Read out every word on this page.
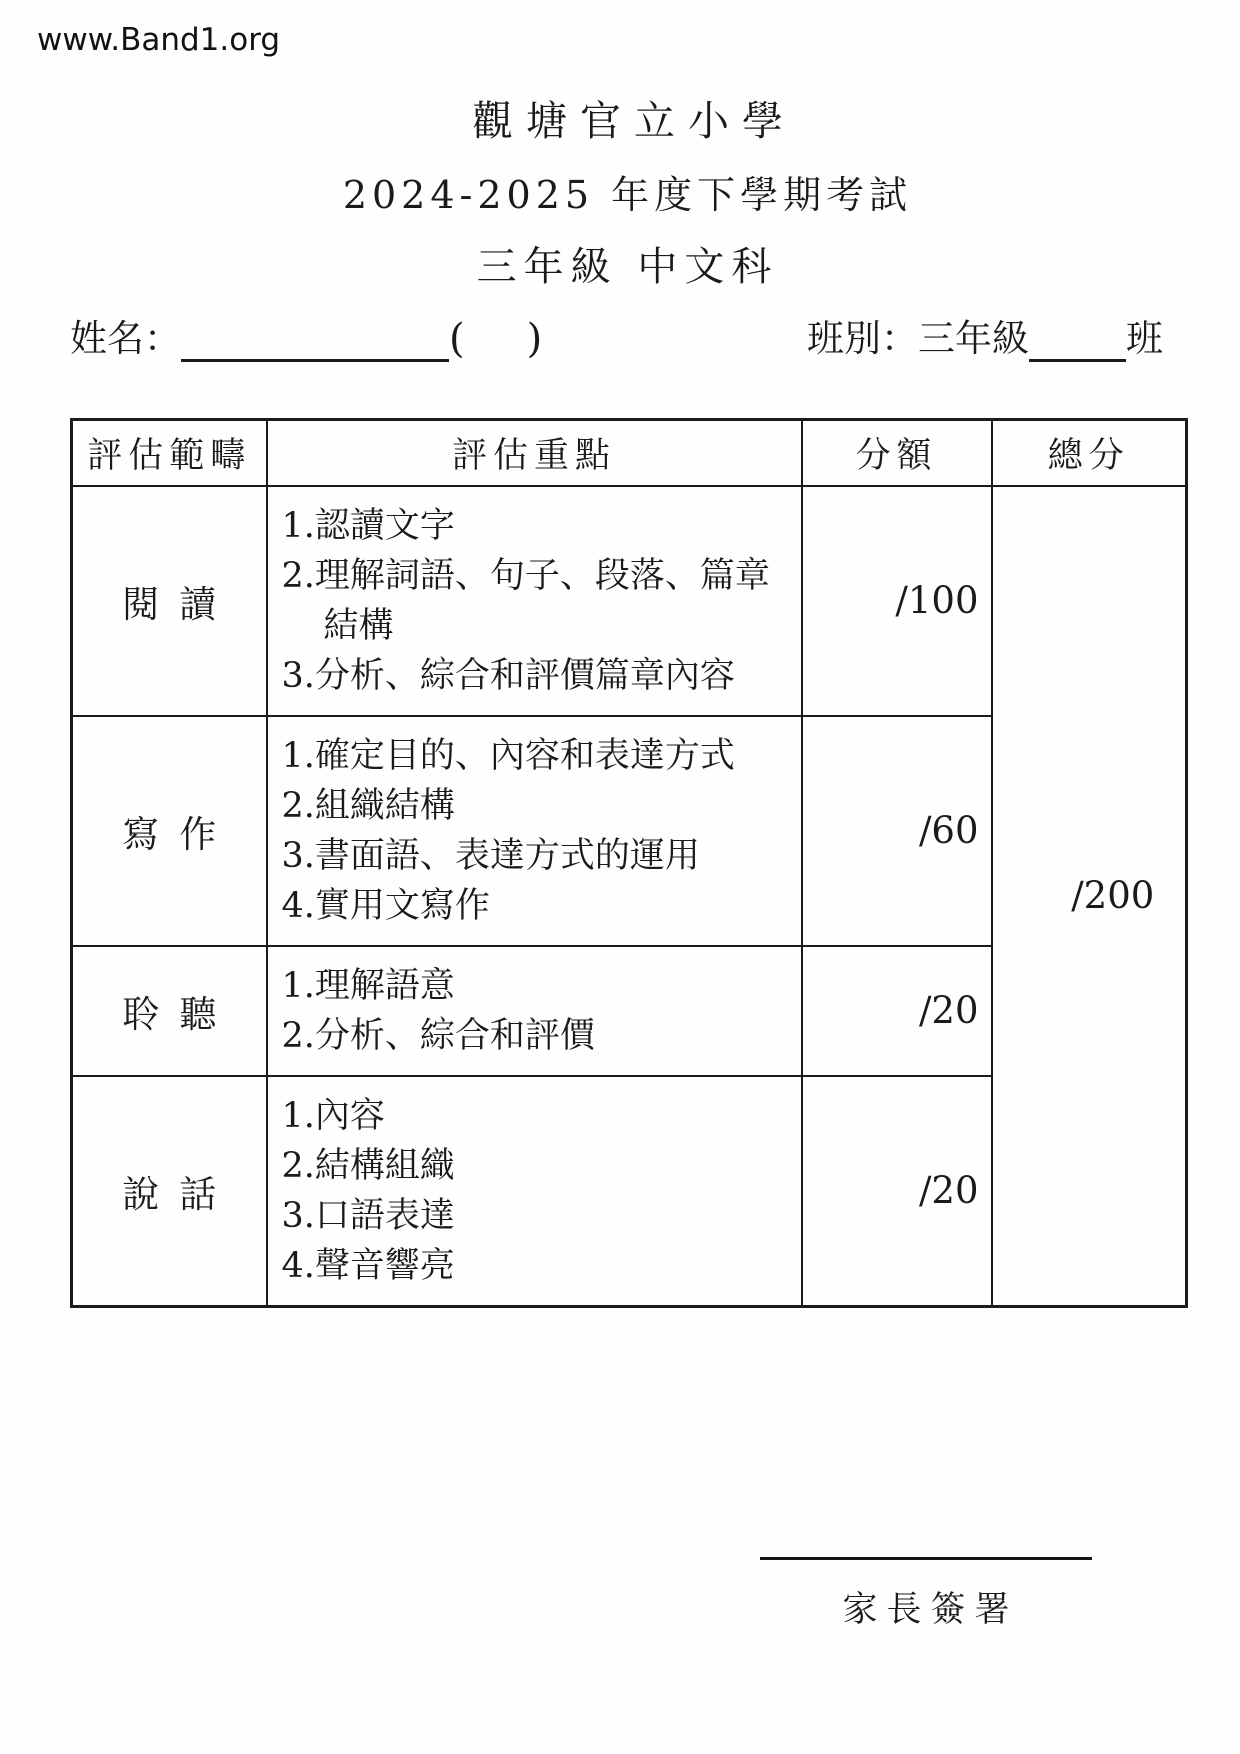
www.Band1.org
觀塘官立小學
2024-2025 年度下學期考試
三年級 中文科
姓名：	( )	班別： 三年級	班
評估範疇	評估重點	分額	總分
閱讀	1.認讀文字
2.理解詞語、句子、段落、篇章
結構
3.分析、綜合和評價篇章內容	/100	/200
寫作	1.確定目的、內容和表達方式
2.組織結構
3.書面語、表達方式的運用
4.實用文寫作	/60	
聆聽	1.理解語意
2.分析、綜合和評價	/20	
說話	1.內容
2.結構組織
3.口語表達
4.聲音響亮	/20	
家長簽署
